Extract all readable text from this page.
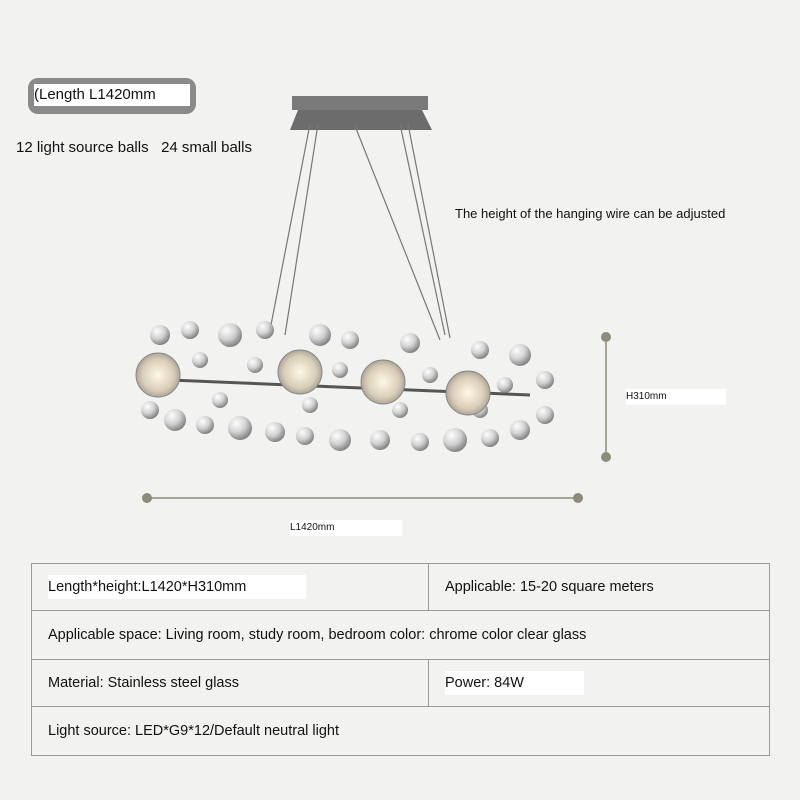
(Length L1420mm
12 light source balls   24 small balls
The height of the hanging wire can be adjusted
H310mm
L1420mm
Length*height:L1420*H310mm	Applicable: 15-20 square meters
Applicable space: Living room, study room, bedroom color: chrome color clear glass	
Material: Stainless steel glass	Power: 84W
Light source: LED*G9*12/Default neutral light	
